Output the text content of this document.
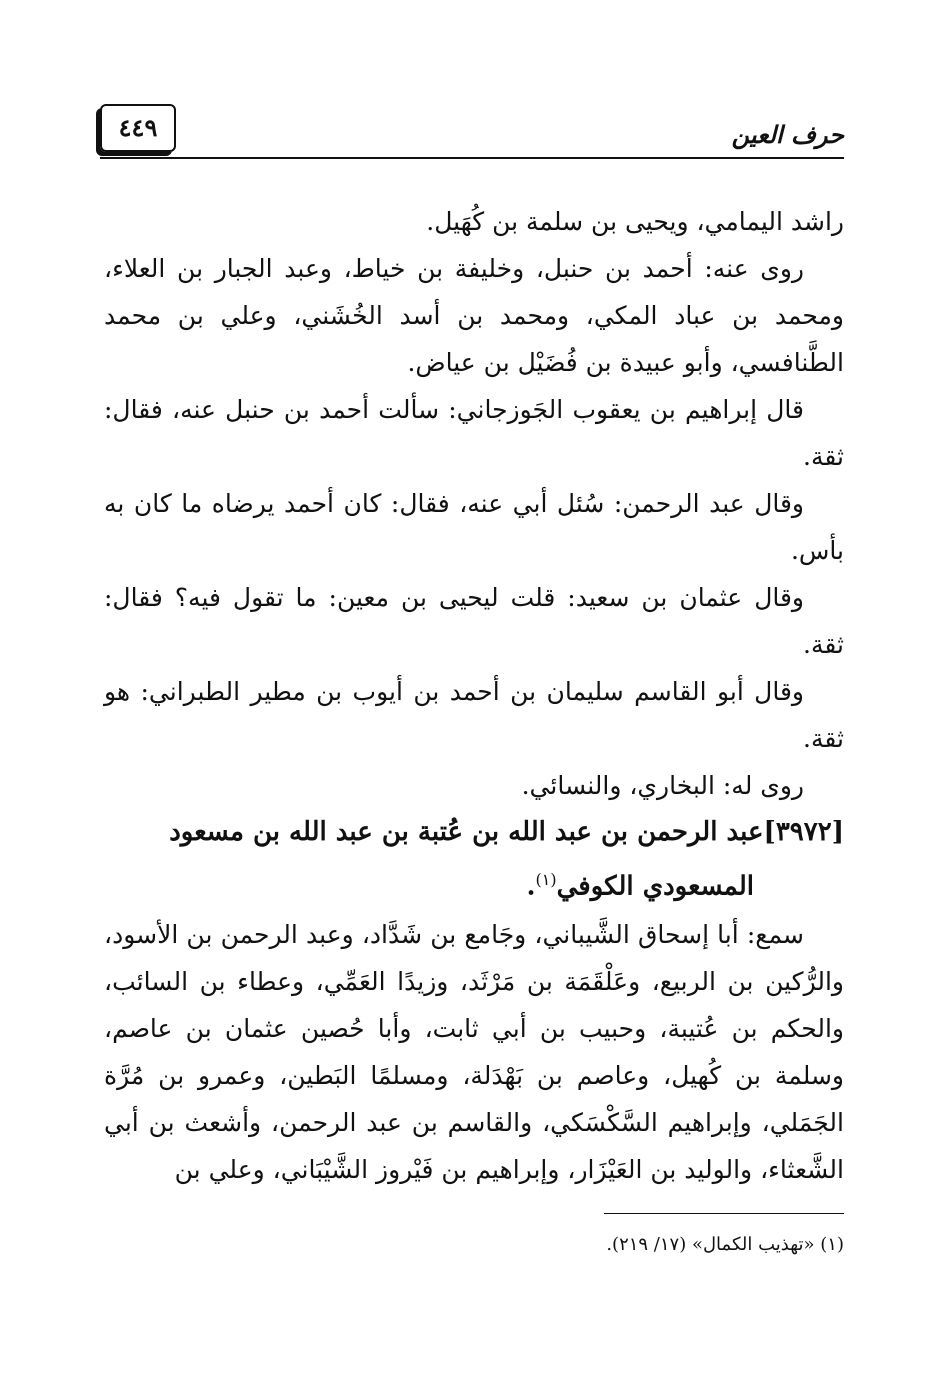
حرف العين
٤٤٩

راشد اليمامي، ويحيى بن سلمة بن كُهَيل.

روى عنه: أحمد بن حنبل، وخليفة بن خياط، وعبد الجبار بن العلاء، ومحمد بن عباد المكي، ومحمد بن أسد الخُشَني، وعلي بن محمد الطَّنافسي، وأبو عبيدة بن فُضَيْل بن عياض.

قال إبراهيم بن يعقوب الجَوزجاني: سألت أحمد بن حنبل عنه، فقال: ثقة.

وقال عبد الرحمن: سُئل أبي عنه، فقال: كان أحمد يرضاه ما كان به بأس.

وقال عثمان بن سعيد: قلت ليحيى بن معين: ما تقول فيه؟ فقال: ثقة.

وقال أبو القاسم سليمان بن أحمد بن أيوب بن مطير الطبراني: هو ثقة.

روى له: البخاري، والنسائي.

[٣٩٧٢]عبد الرحمن بن عبد الله بن عُتبة بن عبد الله بن مسعود
المسعودي الكوفي$^{(١)}$.

سمع: أبا إسحاق الشَّيباني، وجَامع بن شَدَّاد، وعبد الرحمن بن الأسود، والرُّكين بن الربيع، وعَلْقَمَة بن مَرْثَد، وزيدًا العَمِّي، وعطاء بن السائب، والحكم بن عُتيبة، وحبيب بن أبي ثابت، وأبا حُصين عثمان بن عاصم، وسلمة بن كُهيل، وعاصم بن بَهْدَلة، ومسلمًا البَطين، وعمرو بن مُرَّة الجَمَلي، وإبراهيم السَّكْسَكي، والقاسم بن عبد الرحمن، وأشعث بن أبي الشَّعثاء، والوليد بن العَيْزَار، وإبراهيم بن فَيْروز الشَّيْبَاني، وعلي بن

(١) «تهذيب الكمال» (١٧/ ٢١٩).
